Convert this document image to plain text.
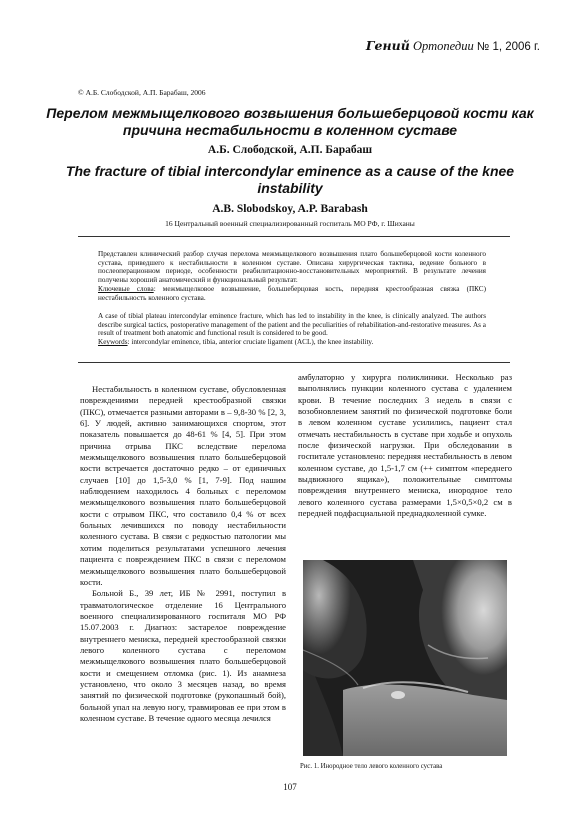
Гений Ортопедии № 1, 2006 г.
© А.Б. Слободской, А.П. Барабаш, 2006
Перелом межмыщелкового возвышения большеберцовой кости как причина нестабильности в коленном суставе
А.Б. Слободской, А.П. Барабаш
The fracture of tibial intercondylar eminence as a cause of the knee instability
A.B. Slobodskoy, A.P. Barabash
16 Центральный военный специализированный госпиталь МО РФ, г. Шиханы

Представлен клинический разбор случая перелома межмыщелкового возвышения плато большеберцовой кости коленного сустава, приведшего к нестабильности в коленном суставе. Описана хирургическая тактика, ведение больного в послеоперационном периоде, особенности реабилитационно-восстановительных мероприятий. В результате лечения получены хороший анатомический и функциональный результат.

Ключевые слова: межмыщелковое возвышение, большеберцовая кость, передняя крестообразная связка (ПКС) нестабильность коленного сустава.

A case of tibial plateau intercondylar eminence fracture, which has led to instability in the knee, is clinically analyzed. The authors describe surgical tactics, postoperative management of the patient and the peculiarities of rehabilitation-and-restorative measures. As a result of treatment both anatomic and functional result is considered to be good.

Keywords: intercondylar eminence, tibia, anterior cruciate ligament (ACL), the knee instability.

Нестабильность в коленном суставе, обусловленная повреждениями передней крестообразной связки (ПКС), отмечается разными авторами в – 9,8-30 % [2, 3, 6]. У людей, активно занимающихся спортом, этот показатель повышается до 48-61 % [4, 5]. При этом причина отрыва ПКС вследствие перелома межмыщелкового возвышения плато большеберцовой кости встречается достаточно редко – от единичных случаев [10] до 1,5-3,0 % [1, 7-9]. Под нашим наблюдением находилось 4 больных с переломом межмыщелкового возвышения плато большеберцовой кости с отрывом ПКС, что составило 0,4 % от всех больных лечившихся по поводу нестабильности коленного сустава. В связи с редкостью патологии мы хотим поделиться результатами успешного лечения пациента с повреждением ПКС в связи с переломом межмыщелкового возвышения плато большеберцовой кости.

Больной Б., 39 лет, ИБ № 2991, поступил в травматологическое отделение 16 Центрального военного специализированного госпиталя МО РФ 15.07.2003 г. Диагноз: застарелое повреждение внутреннего мениска, передней крестообразной связки левого коленного сустава с переломом межмыщелкового возвышения плато большеберцовой кости и смещением отломка (рис. 1). Из анамнеза установлено, что около 3 месяцев назад, во время занятий по физической подготовке (рукопашный бой), больной упал на левую ногу, травмировав ее при этом в коленном суставе. В течение одного месяца лечился

амбулаторно у хирурга поликлиники. Несколько раз выполнялись пункции коленного сустава с удалением крови. В течение последних 3 недель в связи с возобновлением занятий по физической подготовке боли в левом коленном суставе усилились, пациент стал отмечать нестабильность в суставе при ходьбе и опухоль после физической нагрузки. При обследовании в госпитале установлено: передняя нестабильность в левом коленном суставе, до 1,5-1,7 см (++ симптом «переднего выдвижного ящика»), положительные симптомы повреждения внутреннего мениска, инородное тело левого коленного сустава размерами 1,5×0,5×0,2 см в передней подфасциальной преднадколенной сумке.

Рис. 1. Инородное тело левого коленного сустава
107
